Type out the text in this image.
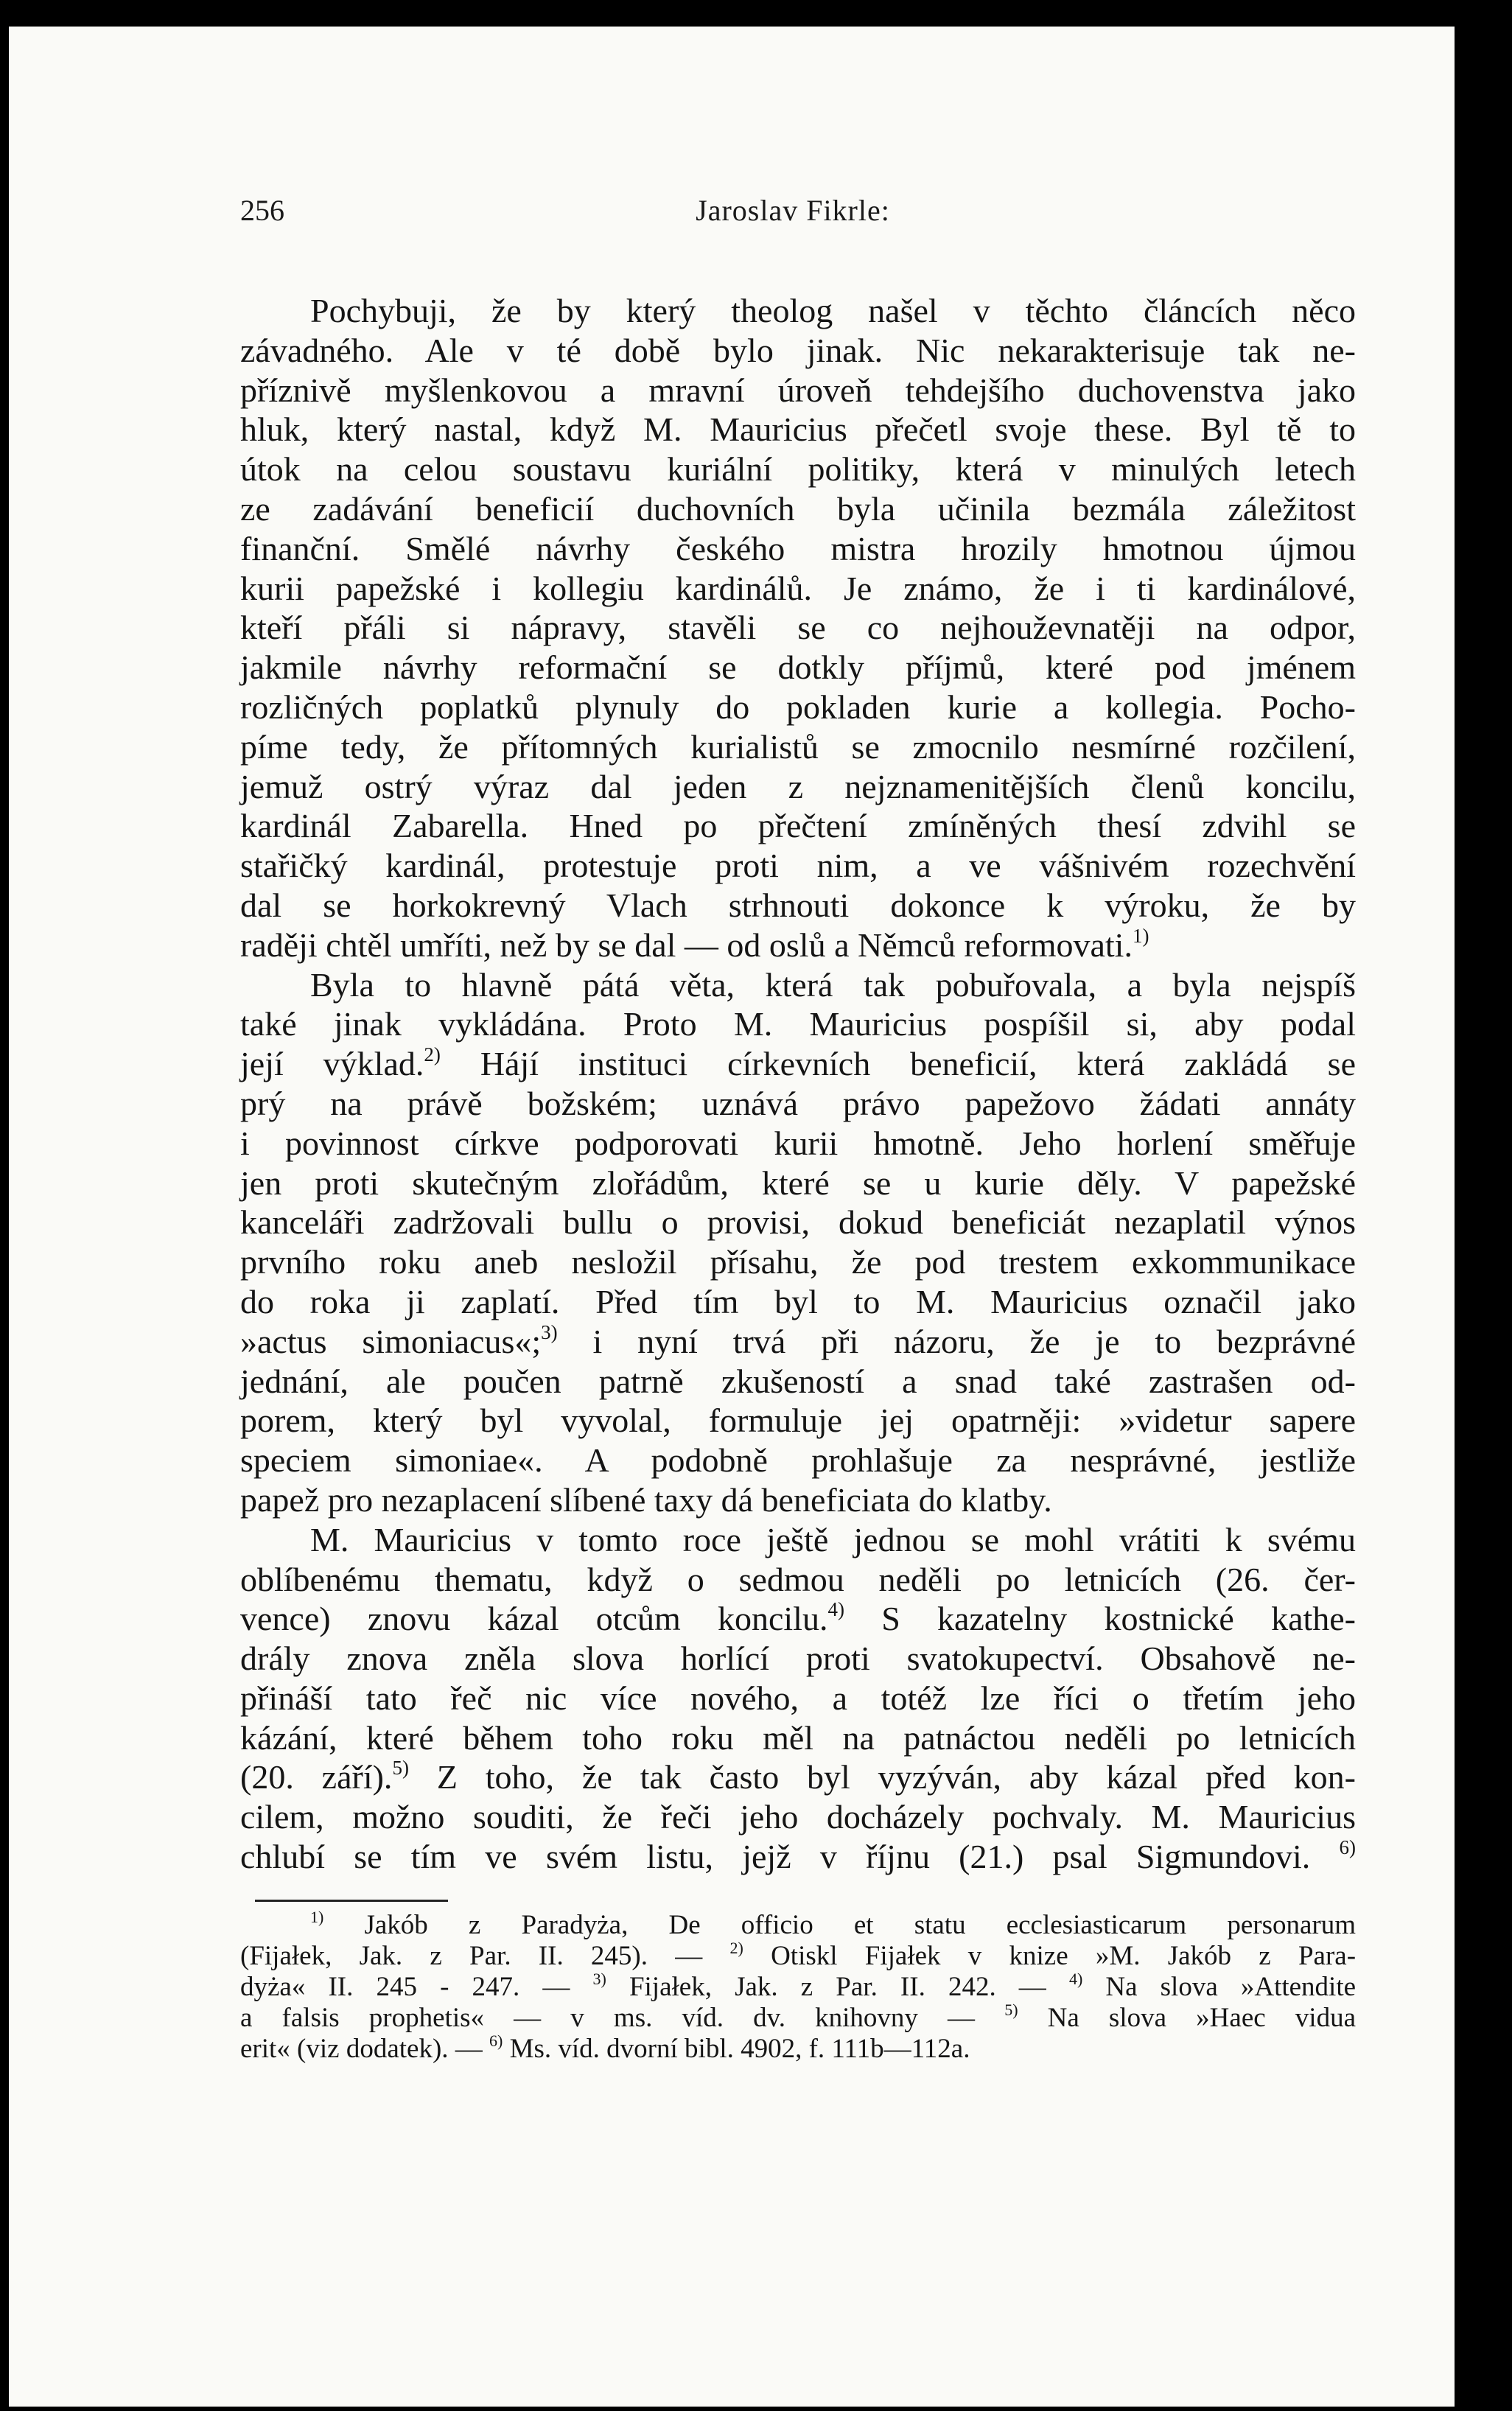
256	Jaroslav Fikrle:
Pochybuji, že by který theolog našel v těchto článcích něco
závadného. Ale v té době bylo jinak. Nic nekarakterisuje tak ne-
příznivě myšlenkovou a mravní úroveň tehdejšího duchovenstva jako
hluk, který nastal, když M. Mauricius přečetl svoje these. Byl tě to
útok na celou soustavu kuriální politiky, která v minulých letech
ze zadávání beneficií duchovních byla učinila bezmála záležitost
finanční. Smělé návrhy českého mistra hrozily hmotnou újmou
kurii papežské i kollegiu kardinálů. Je známo, že i ti kardinálové,
kteří přáli si nápravy, stavěli se co nejhouževnatěji na odpor,
jakmile návrhy reformační se dotkly příjmů, které pod jménem
rozličných poplatků plynuly do pokladen kurie a kollegia. Pocho-
píme tedy, že přítomných kurialistů se zmocnilo nesmírné rozčilení,
jemuž ostrý výraz dal jeden z nejznamenitějších členů koncilu,
kardinál Zabarella. Hned po přečtení zmíněných thesí zdvihl se
stařičký kardinál, protestuje proti nim, a ve vášnivém rozechvění
dal se horkokrevný Vlach strhnouti dokonce k výroku, že by
raději chtěl umříti, než by se dal — od oslů a Němců reformovati.$^{1)}$
Byla to hlavně pátá věta, která tak pobuřovala, a byla nejspíš
také jinak vykládána. Proto M. Mauricius pospíšil si, aby podal
její výklad.$^{2)}$ Hájí instituci církevních beneficií, která zakládá se
prý na právě božském; uznává právo papežovo žádati annáty
i povinnost církve podporovati kurii hmotně. Jeho horlení směřuje
jen proti skutečným zlořádům, které se u kurie děly. V papežské
kanceláři zadržovali bullu o provisi, dokud beneficiát nezaplatil výnos
prvního roku aneb nesložil přísahu, že pod trestem exkommunikace
do roka ji zaplatí. Před tím byl to M. Mauricius označil jako
»actus simoniacus«;$^{3)}$ i nyní trvá při názoru, že je to bezprávné
jednání, ale poučen patrně zkušeností a snad také zastrašen od-
porem, který byl vyvolal, formuluje jej opatrněji: »videtur sapere
speciem simoniae«. A podobně prohlašuje za nesprávné, jestliže
papež pro nezaplacení slíbené taxy dá beneficiata do klatby.
M. Mauricius v tomto roce ještě jednou se mohl vrátiti k svému
oblíbenému thematu, když o sedmou neděli po letnicích (26. čer-
vence) znovu kázal otcům koncilu.$^{4)}$ S kazatelny kostnické kathe-
drály znova zněla slova horlící proti svatokupectví. Obsahově ne-
přináší tato řeč nic více nového, a totéž lze říci o třetím jeho
kázání, které během toho roku měl na patnáctou neděli po letnicích
(20. září).$^{5)}$ Z toho, že tak často byl vyzýván, aby kázal před kon-
cilem, možno souditi, že řeči jeho docházely pochvaly. M. Mauricius
chlubí se tím ve svém listu, jejž v říjnu (21.) psal Sigmundovi. $^{6)}$
$^{1)}$ Jakób z Paradyża, De officio et statu ecclesiasticarum personarum
(Fijałek, Jak. z Par. II. 245). — $^{2)}$ Otiskl Fijałek v knize »M. Jakób z Para-
dyża« II. 245 - 247. — $^{3)}$ Fijałek, Jak. z Par. II. 242. — $^{4)}$ Na slova »Attendite
a falsis prophetis« — v ms. víd. dv. knihovny — $^{5)}$ Na slova »Haec vidua
erit« (viz dodatek). — $^{6)}$ Ms. víd. dvorní bibl. 4902, f. 111b—112a.
